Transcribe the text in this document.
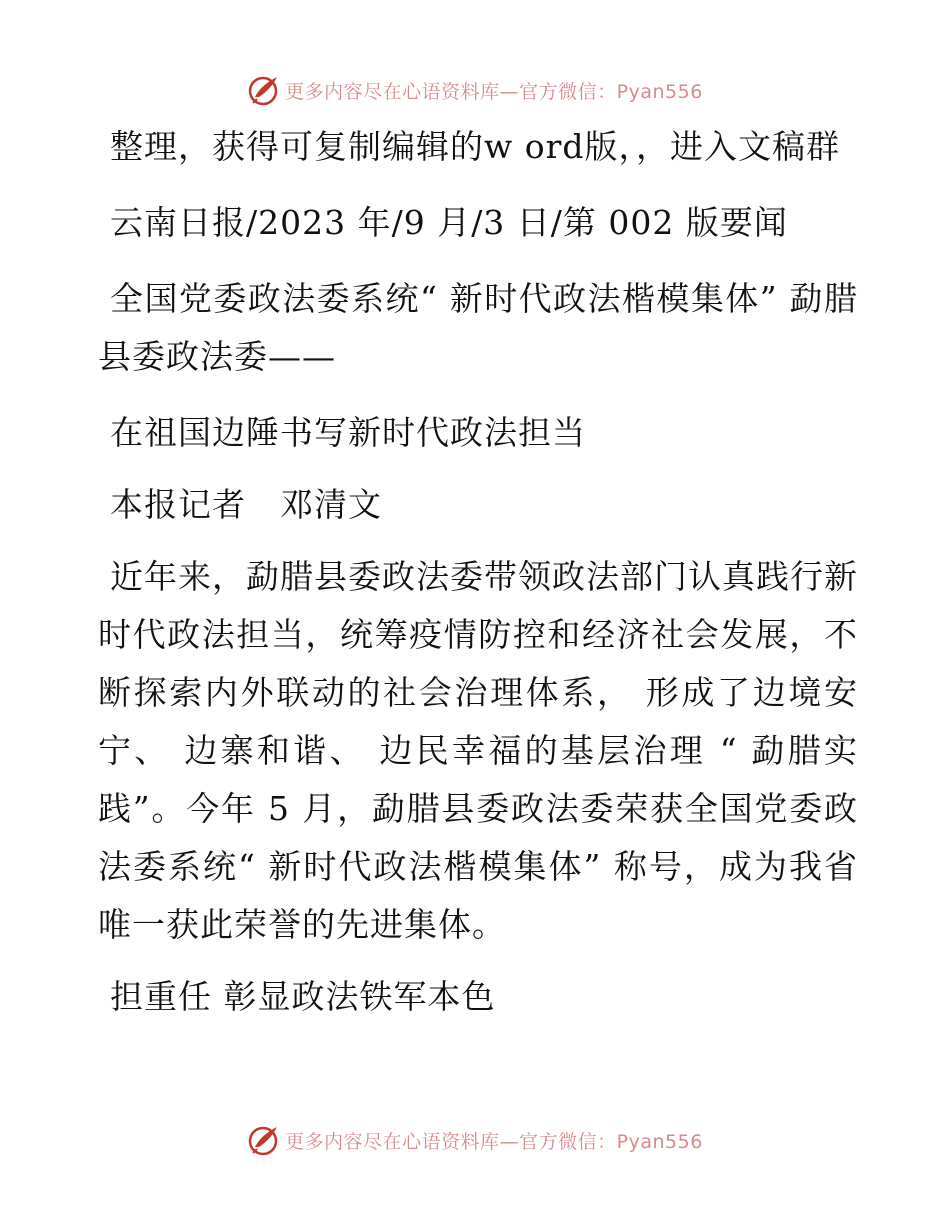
更多内容尽在心语资料库—官方微信：Pyan556

整理，获得可复制编辑的w ord版，，进入文稿群

云南日报/2023 年/9 月/3 日/第 002 版要闻

全国党委政法委系统“ 新时代政法楷模集体” 勐腊县委政法委——

在祖国边陲书写新时代政法担当

本报记者　邓清文

近年来，勐腊县委政法委带领政法部门认真践行新时代政法担当，统筹疫情防控和经济社会发展，不断探索内外联动的社会治理体系， 形成了边境安宁、 边寨和谐、 边民幸福的基层治理 “ 勐腊实践”。今年 5 月，勐腊县委政法委荣获全国党委政法委系统“ 新时代政法楷模集体” 称号，成为我省唯一获此荣誉的先进集体。

担重任 彰显政法铁军本色

更多内容尽在心语资料库—官方微信：Pyan556
